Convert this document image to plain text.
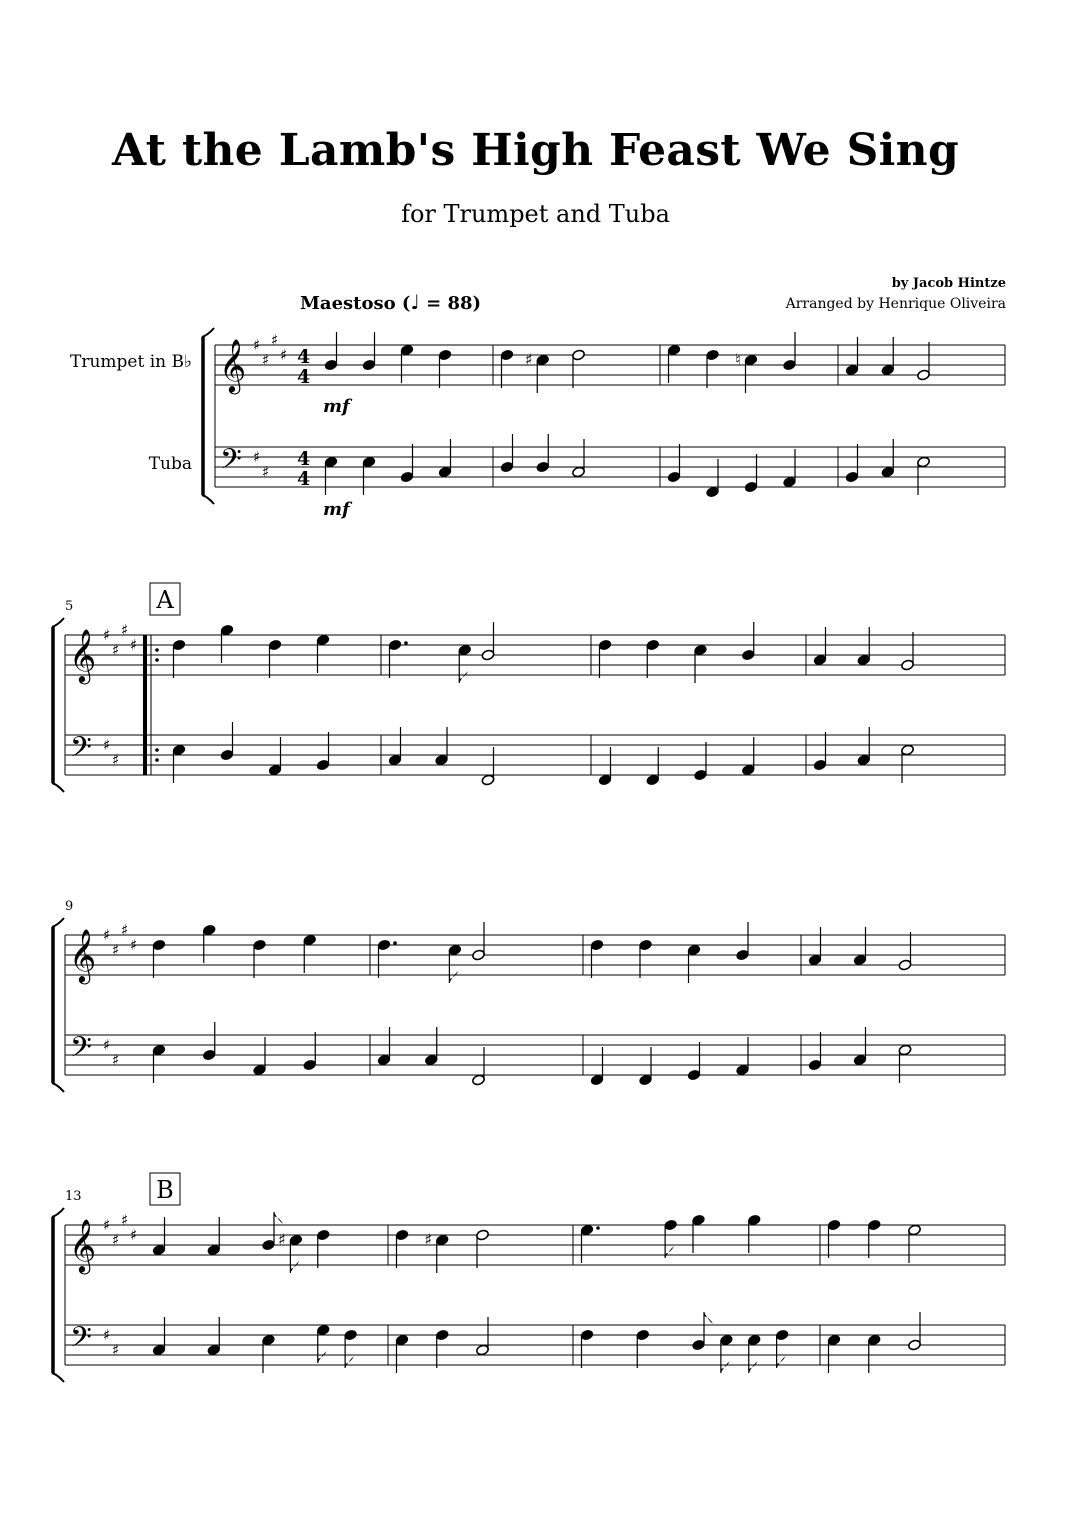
At the Lamb's High Feast We Sing
for Trumpet and Tuba
by Jacob Hintze
Arranged by Henrique Oliveira
Maestoso (♩ = 88)
Trumpet in B♭
Tuba
𝄞
𝄢
♯
♯
♯
♯
♯
♯
4
4
4
4
♯	♮
𝄞
𝄢
♯
♯
♯
♯
♯
♯
5	A
𝄞
𝄢
♯
♯
♯
♯
♯
♯
9
𝄞
𝄢
♯
♯
♯
♯
♯
♯
13	B
♯	♯
mf
mf
